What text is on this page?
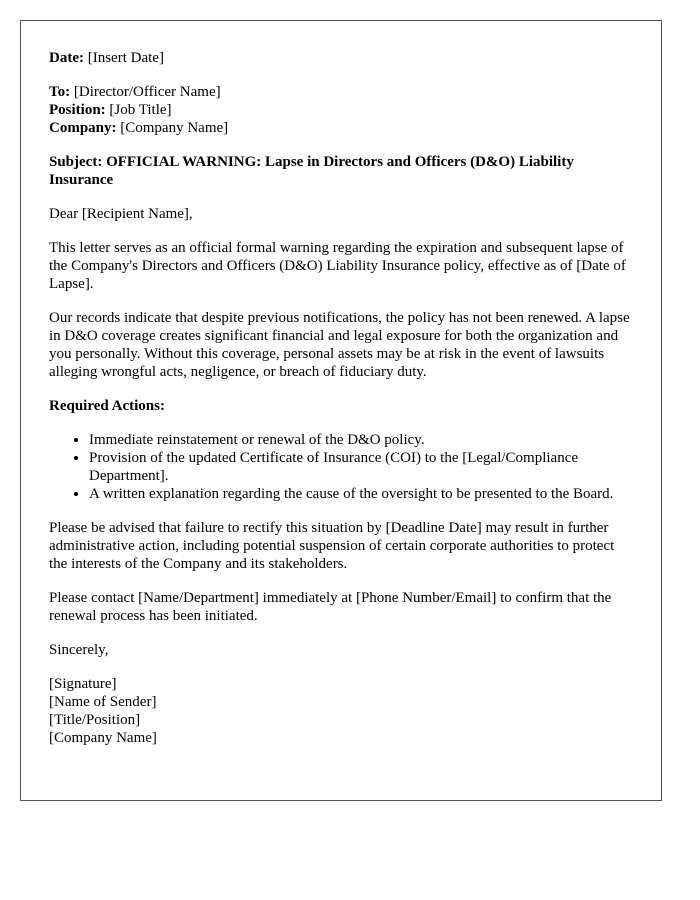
Date: [Insert Date]

To: [Director/Officer Name]

Position: [Job Title]

Company: [Company Name]

Subject: OFFICIAL WARNING: Lapse in Directors and Officers (D&O) Liability Insurance

Dear [Recipient Name],

This letter serves as an official formal warning regarding the expiration and subsequent lapse of the Company's Directors and Officers (D&O) Liability Insurance policy, effective as of [Date of Lapse].

Our records indicate that despite previous notifications, the policy has not been renewed. A lapse in D&O coverage creates significant financial and legal exposure for both the organization and you personally. Without this coverage, personal assets may be at risk in the event of lawsuits alleging wrongful acts, negligence, or breach of fiduciary duty.

Required Actions:

• Immediate reinstatement or renewal of the D&O policy.
• Provision of the updated Certificate of Insurance (COI) to the [Legal/Compliance Department].
• A written explanation regarding the cause of the oversight to be presented to the Board.

Please be advised that failure to rectify this situation by [Deadline Date] may result in further administrative action, including potential suspension of certain corporate authorities to protect the interests of the Company and its stakeholders.

Please contact [Name/Department] immediately at [Phone Number/Email] to confirm that the renewal process has been initiated.

Sincerely,

[Signature]
[Name of Sender]
[Title/Position]
[Company Name]
